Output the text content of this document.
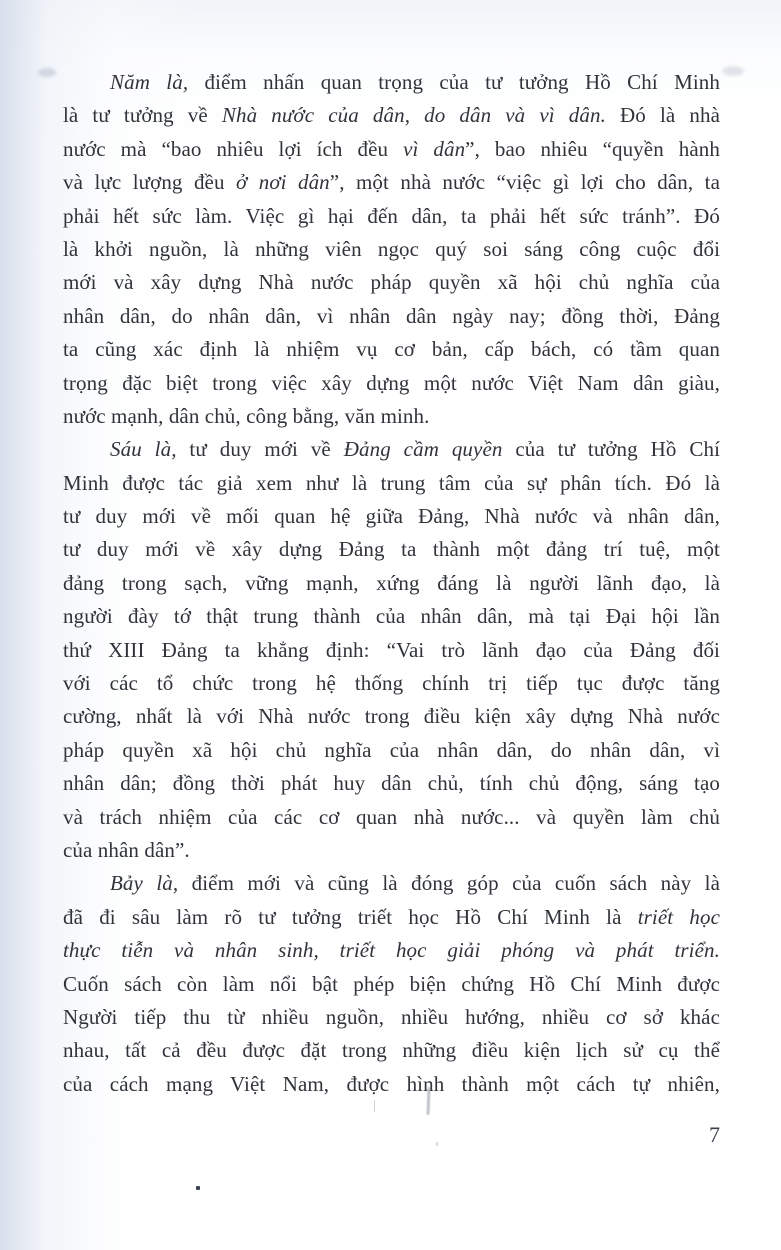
Năm là, điểm nhấn quan trọng của tư tưởng Hồ Chí Minh
là tư tưởng về Nhà nước của dân, do dân và vì dân. Đó là nhà
nước mà “bao nhiêu lợi ích đều vì dân”, bao nhiêu “quyền hành
và lực lượng đều ở nơi dân”, một nhà nước “việc gì lợi cho dân, ta
phải hết sức làm. Việc gì hại đến dân, ta phải hết sức tránh”. Đó
là khởi nguồn, là những viên ngọc quý soi sáng công cuộc đổi
mới và xây dựng Nhà nước pháp quyền xã hội chủ nghĩa của
nhân dân, do nhân dân, vì nhân dân ngày nay; đồng thời, Đảng
ta cũng xác định là nhiệm vụ cơ bản, cấp bách, có tầm quan
trọng đặc biệt trong việc xây dựng một nước Việt Nam dân giàu,
nước mạnh, dân chủ, công bằng, văn minh.
Sáu là, tư duy mới về Đảng cầm quyền của tư tưởng Hồ Chí
Minh được tác giả xem như là trung tâm của sự phân tích. Đó là
tư duy mới về mối quan hệ giữa Đảng, Nhà nước và nhân dân,
tư duy mới về xây dựng Đảng ta thành một đảng trí tuệ, một
đảng trong sạch, vững mạnh, xứng đáng là người lãnh đạo, là
người đày tớ thật trung thành của nhân dân, mà tại Đại hội lần
thứ XIII Đảng ta khẳng định: “Vai trò lãnh đạo của Đảng đối
với các tổ chức trong hệ thống chính trị tiếp tục được tăng
cường, nhất là với Nhà nước trong điều kiện xây dựng Nhà nước
pháp quyền xã hội chủ nghĩa của nhân dân, do nhân dân, vì
nhân dân; đồng thời phát huy dân chủ, tính chủ động, sáng tạo
và trách nhiệm của các cơ quan nhà nước... và quyền làm chủ
của nhân dân”.
Bảy là, điểm mới và cũng là đóng góp của cuốn sách này là
đã đi sâu làm rõ tư tưởng triết học Hồ Chí Minh là triết học
thực tiễn và nhân sinh, triết học giải phóng và phát triển.
Cuốn sách còn làm nổi bật phép biện chứng Hồ Chí Minh được
Người tiếp thu từ nhiều nguồn, nhiều hướng, nhiều cơ sở khác
nhau, tất cả đều được đặt trong những điều kiện lịch sử cụ thể
của cách mạng Việt Nam, được hình thành một cách tự nhiên,
7
